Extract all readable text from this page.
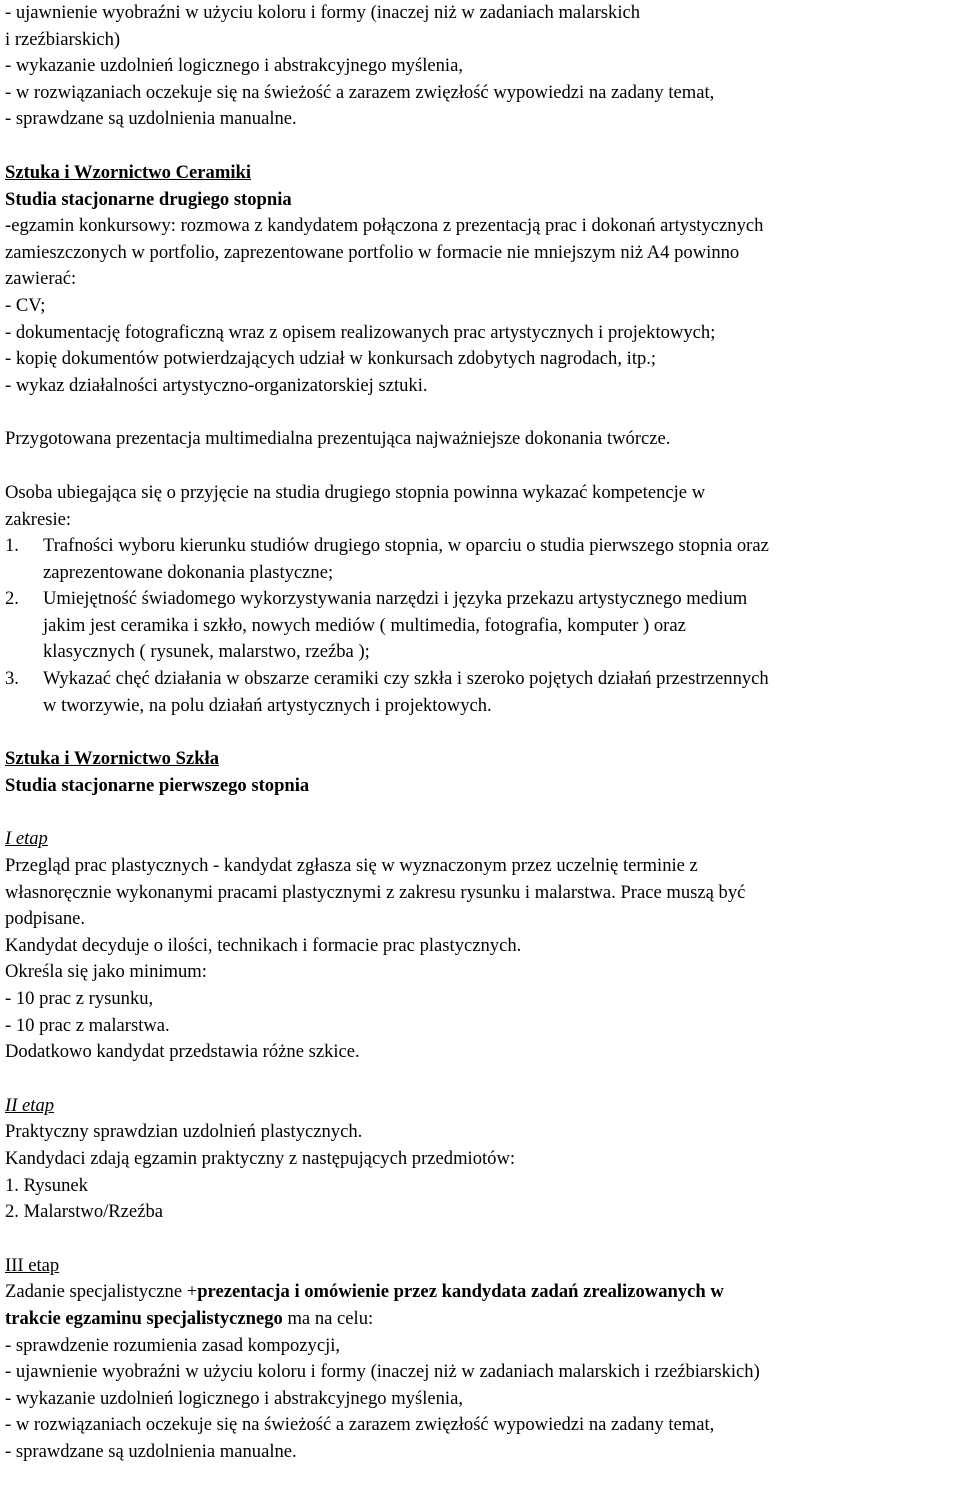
- ujawnienie wyobraźni w użyciu koloru i formy (inaczej niż w zadaniach malarskich
i rzeźbiarskich)
- wykazanie uzdolnień logicznego i abstrakcyjnego myślenia,
- w rozwiązaniach oczekuje się na świeżość a zarazem zwięzłość wypowiedzi na zadany temat,
- sprawdzane są uzdolnienia manualne.
Sztuka i Wzornictwo Ceramiki
Studia stacjonarne drugiego stopnia
-egzamin konkursowy: rozmowa z kandydatem połączona z prezentacją prac i dokonań artystycznych
zamieszczonych w portfolio, zaprezentowane portfolio w formacie nie mniejszym niż A4 powinno
zawierać:
- CV;
- dokumentację fotograficzną wraz z opisem realizowanych prac artystycznych i projektowych;
- kopię dokumentów potwierdzających udział w konkursach zdobytych nagrodach, itp.;
- wykaz działalności artystyczno-organizatorskiej sztuki.
Przygotowana prezentacja multimedialna prezentująca najważniejsze dokonania twórcze.
Osoba ubiegająca się o przyjęcie na studia drugiego stopnia powinna wykazać kompetencje w
zakresie:
1.	Trafności wyboru kierunku studiów drugiego stopnia, w oparciu o studia pierwszego stopnia oraz
zaprezentowane dokonania plastyczne;
2.	Umiejętność świadomego wykorzystywania narzędzi i języka przekazu artystycznego medium
jakim jest ceramika i szkło, nowych mediów ( multimedia, fotografia, komputer ) oraz
klasycznych ( rysunek, malarstwo, rzeźba );
3.	Wykazać chęć działania w obszarze ceramiki czy szkła i szeroko pojętych działań przestrzennych
w tworzywie, na polu działań artystycznych i projektowych.
Sztuka i Wzornictwo Szkła
Studia stacjonarne pierwszego stopnia
I etap
Przegląd prac plastycznych - kandydat zgłasza się w wyznaczonym przez uczelnię terminie z
własnoręcznie wykonanymi pracami plastycznymi z zakresu rysunku i malarstwa. Prace muszą być
podpisane.
Kandydat decyduje o ilości, technikach i formacie prac plastycznych.
Określa się jako minimum:
- 10 prac z rysunku,
- 10 prac z malarstwa.
Dodatkowo kandydat przedstawia różne szkice.
II etap
Praktyczny sprawdzian uzdolnień plastycznych.
Kandydaci zdają egzamin praktyczny z następujących przedmiotów:
1. Rysunek
2. Malarstwo/Rzeźba
III etap
Zadanie specjalistyczne +prezentacja i omówienie przez kandydata zadań zrealizowanych w
trakcie egzaminu specjalistycznego ma na celu:
- sprawdzenie rozumienia zasad kompozycji,
- ujawnienie wyobraźni w użyciu koloru i formy (inaczej niż w zadaniach malarskich i rzeźbiarskich)
- wykazanie uzdolnień logicznego i abstrakcyjnego myślenia,
- w rozwiązaniach oczekuje się na świeżość a zarazem zwięzłość wypowiedzi na zadany temat,
- sprawdzane są uzdolnienia manualne.
